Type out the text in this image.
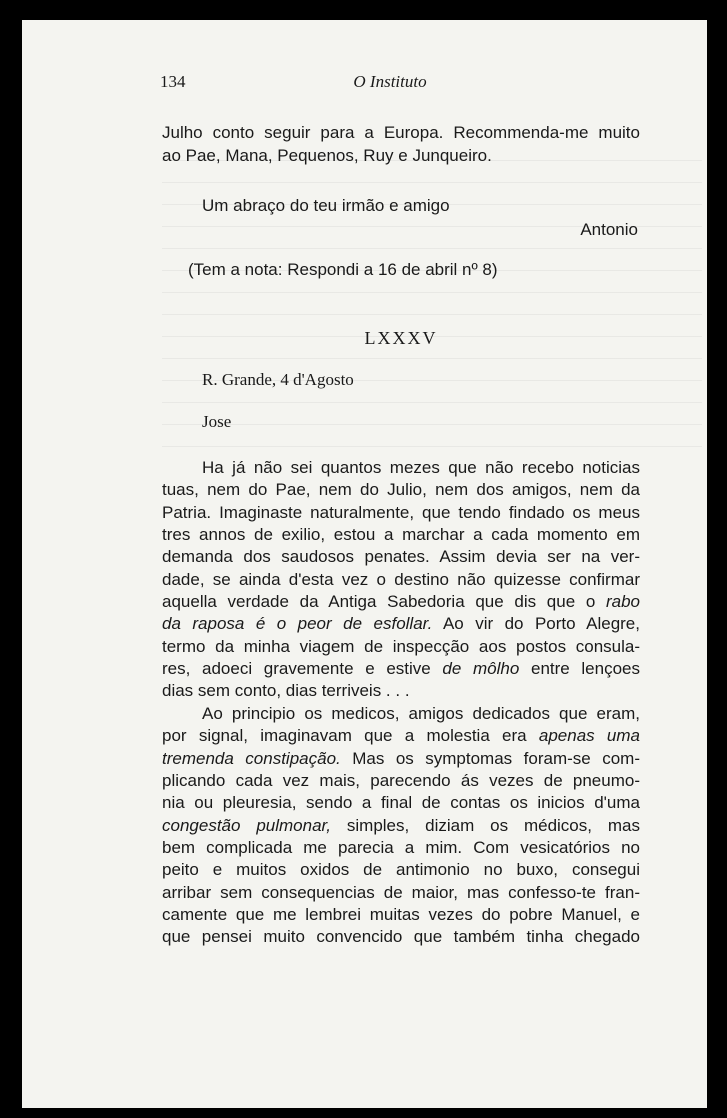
134	O Instituto
Julho conto seguir para a Europa. Recommenda-me muito
ao Pae, Mana, Pequenos, Ruy e Junqueiro.
Um abraço do teu irmão e amigo
Antonio
(Tem a nota: Respondi a 16 de abril nº 8)
LXXXV
R. Grande, 4 d'Agosto
Jose
Ha já não sei quantos mezes que não recebo noticias
tuas, nem do Pae, nem do Julio, nem dos amigos, nem da
Patria. Imaginaste naturalmente, que tendo findado os meus
tres annos de exilio, estou a marchar a cada momento em
demanda dos saudosos penates. Assim devia ser na ver-
dade, se ainda d'esta vez o destino não quizesse confirmar
aquella verdade da Antiga Sabedoria que dis que o rabo
da raposa é o peor de esfollar. Ao vir do Porto Alegre,
termo da minha viagem de inspecção aos postos consula-
res, adoeci gravemente e estive de môlho entre lençoes
dias sem conto, dias terriveis . . .
Ao principio os medicos, amigos dedicados que eram,
por signal, imaginavam que a molestia era apenas uma
tremenda constipação. Mas os symptomas foram-se com-
plicando cada vez mais, parecendo ás vezes de pneumo-
nia ou pleuresia, sendo a final de contas os inicios d'uma
congestão pulmonar, simples, diziam os médicos, mas
bem complicada me parecia a mim. Com vesicatórios no
peito e muitos oxidos de antimonio no buxo, consegui
arribar sem consequencias de maior, mas confesso-te fran-
camente que me lembrei muitas vezes do pobre Manuel, e
que pensei muito convencido que também tinha chegado
